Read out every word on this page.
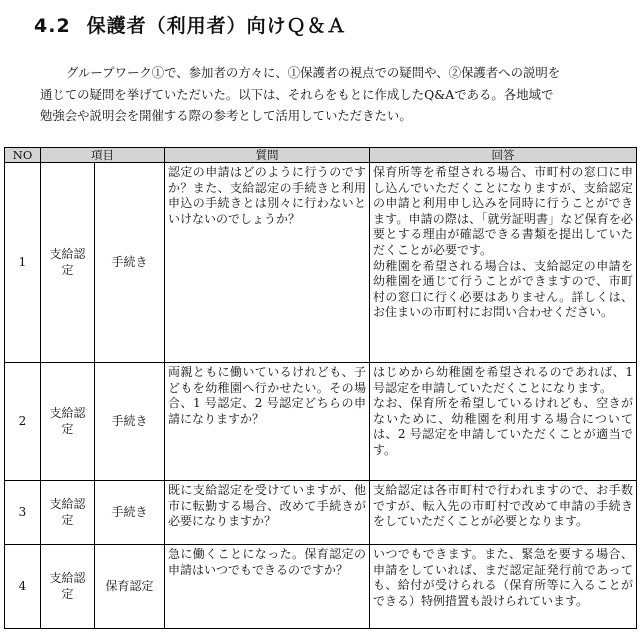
4.2 保護者（利用者）向けＱ＆Ａ

グループワーク①で、参加者の方々に、①保護者の視点での疑問や、②保護者への説明を

通じての疑問を挙げていただいた。以下は、それらをもとに作成したQ&Aである。各地域で

勉強会や説明会を開催する際の参考として活用していただきたい。

NO	項目		質問	回答
1	支給認定	手続き	認定の申請はどのように行うのですか？また、支給認定の手続きと利用申込の手続きとは別々に行わないといけないのでしょうか？	保育所等を希望される場合、市町村の窓口に申し込んでいただくことになりますが、支給認定の申請と利用申し込みを同時に行うことができます。申請の際は、「就労証明書」など保育を必要とする理由が確認できる書類を提出していただくことが必要です。
幼稚園を希望される場合は、支給認定の申請を幼稚園を通じて行うことができますので、市町村の窓口に行く必要はありません。詳しくは、お住まいの市町村にお問い合わせください。

2	支給認定	手続き	両親ともに働いているけれども、子どもを幼稚園へ行かせたい。その場合、1 号認定、2 号認定どちらの申請になりますか？	はじめから幼稚園を希望されるのであれば、1 号認定を申請していただくことになります。
なお、保育所を希望しているけれども、空きがないために、幼稚園を利用する場合については、2 号認定を申請していただくことが適当です。

3	支給認定	手続き	既に支給認定を受けていますが、他市に転勤する場合、改めて手続きが必要になりますか？	支給認定は各市町村で行われますので、お手数ですが、転入先の市町村で改めて申請の手続きをしていただくことが必要となります。

4	支給認定	保育認定	急に働くことになった。保育認定の申請はいつでもできるのですか？	いつでもできます。また、緊急を要する場合、申請をしていれば、まだ認定証発行前であっても、給付が受けられる（保育所等に入ることができる）特例措置も設けられています。
